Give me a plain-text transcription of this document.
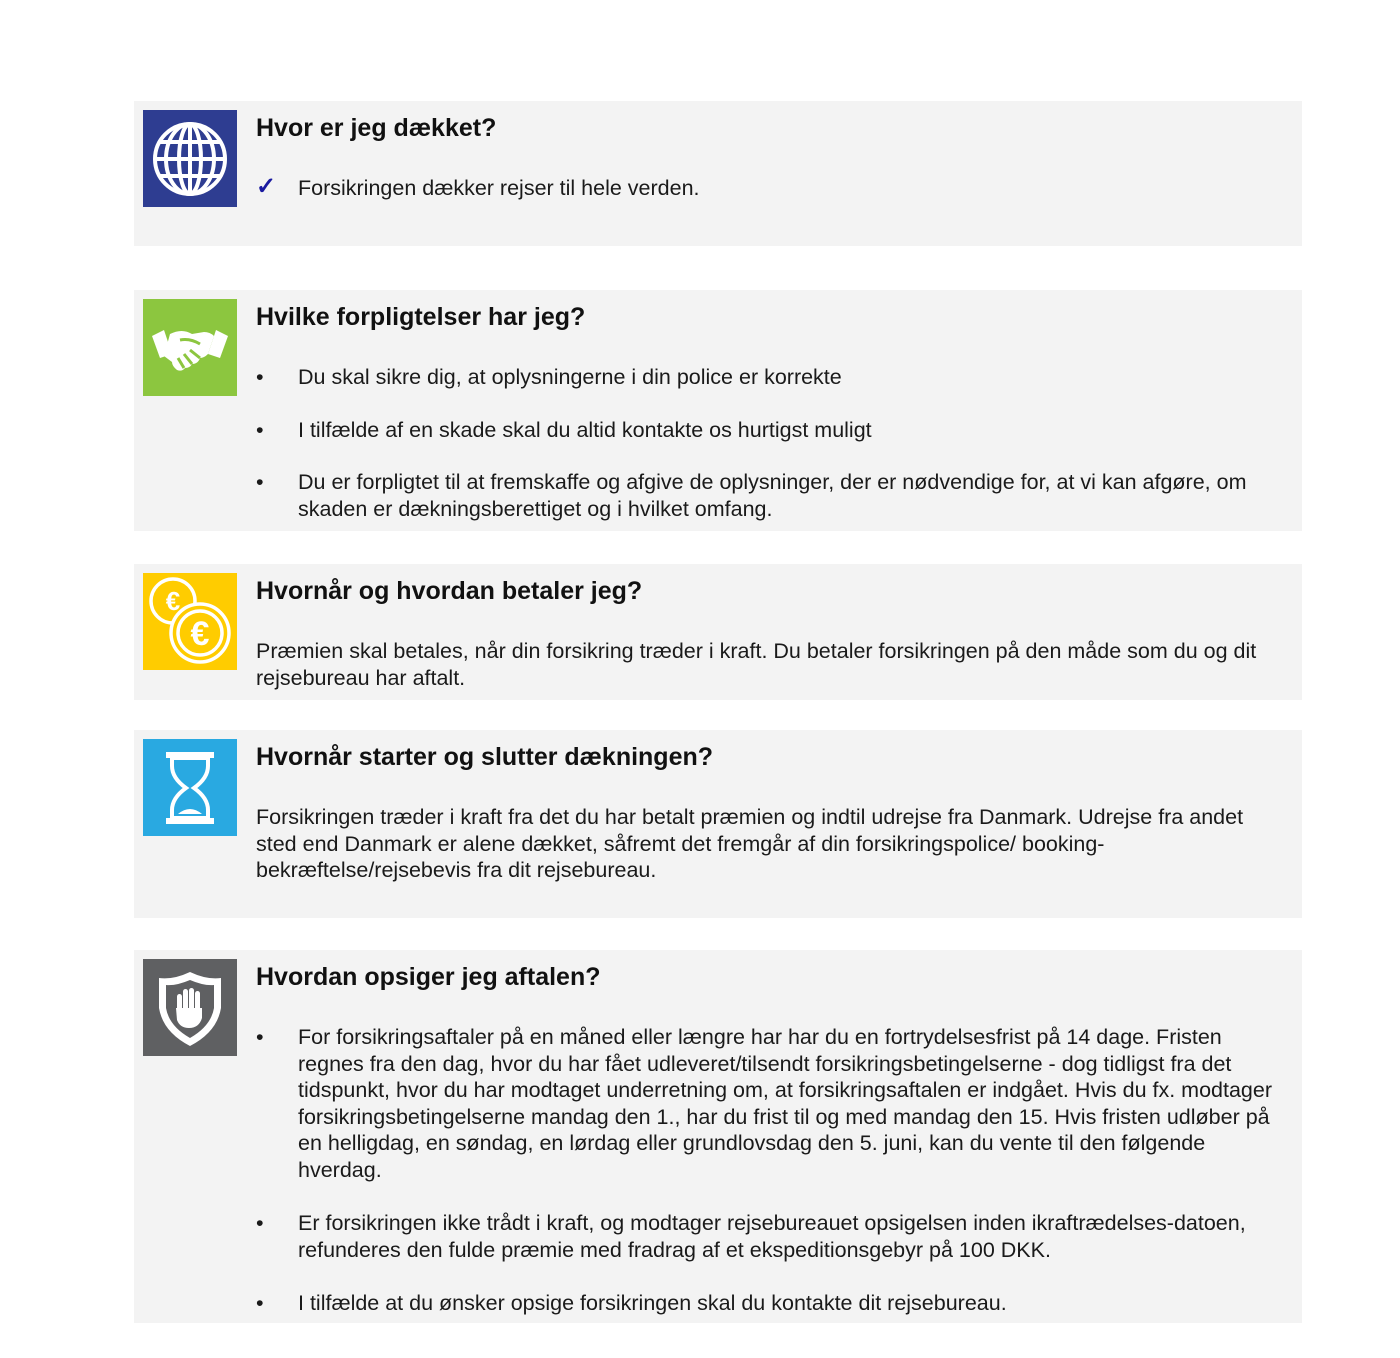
Hvor er jeg dækket?
✓ Forsikringen dækker rejser til hele verden.
Hvilke forpligtelser har jeg?
•	Du skal sikre dig, at oplysningerne i din police er korrekte
•	I tilfælde af en skade skal du altid kontakte os hurtigst muligt
•	Du er forpligtet til at fremskaffe og afgive de oplysninger, der er nødvendige for, at vi kan afgøre, om skaden er dækningsberettiget og i hvilket omfang.
€
€
Hvornår og hvordan betaler jeg?

Præmien skal betales, når din forsikring træder i kraft. Du betaler forsikringen på den måde som du og dit rejsebureau har aftalt.

Hvornår starter og slutter dækningen?

Forsikringen træder i kraft fra det du har betalt præmien og indtil udrejse fra Danmark. Udrejse fra andet sted end Danmark er alene dækket, såfremt det fremgår af din forsikringspolice/ booking-bekræftelse/rejsebevis fra dit rejsebureau.

Hvordan opsiger jeg aftalen?
•	For forsikringsaftaler på en måned eller længre har har du en fortrydelsesfrist på 14 dage. Fristen regnes fra den dag, hvor du har fået udleveret/tilsendt forsikringsbetingelserne - dog tidligst fra det tidspunkt, hvor du har modtaget underretning om, at forsikringsaftalen er indgået. Hvis du fx. modtager forsikringsbetingelserne mandag den 1., har du frist til og med mandag den 15. Hvis fristen udløber på en helligdag, en søndag, en lørdag eller grundlovsdag den 5. juni, kan du vente til den følgende hverdag.
•	Er forsikringen ikke trådt i kraft, og modtager rejsebureauet opsigelsen inden ikraftrædelses-datoen, refunderes den fulde præmie med fradrag af et ekspeditionsgebyr på 100 DKK.
•	I tilfælde at du ønsker opsige forsikringen skal du kontakte dit rejsebureau.
